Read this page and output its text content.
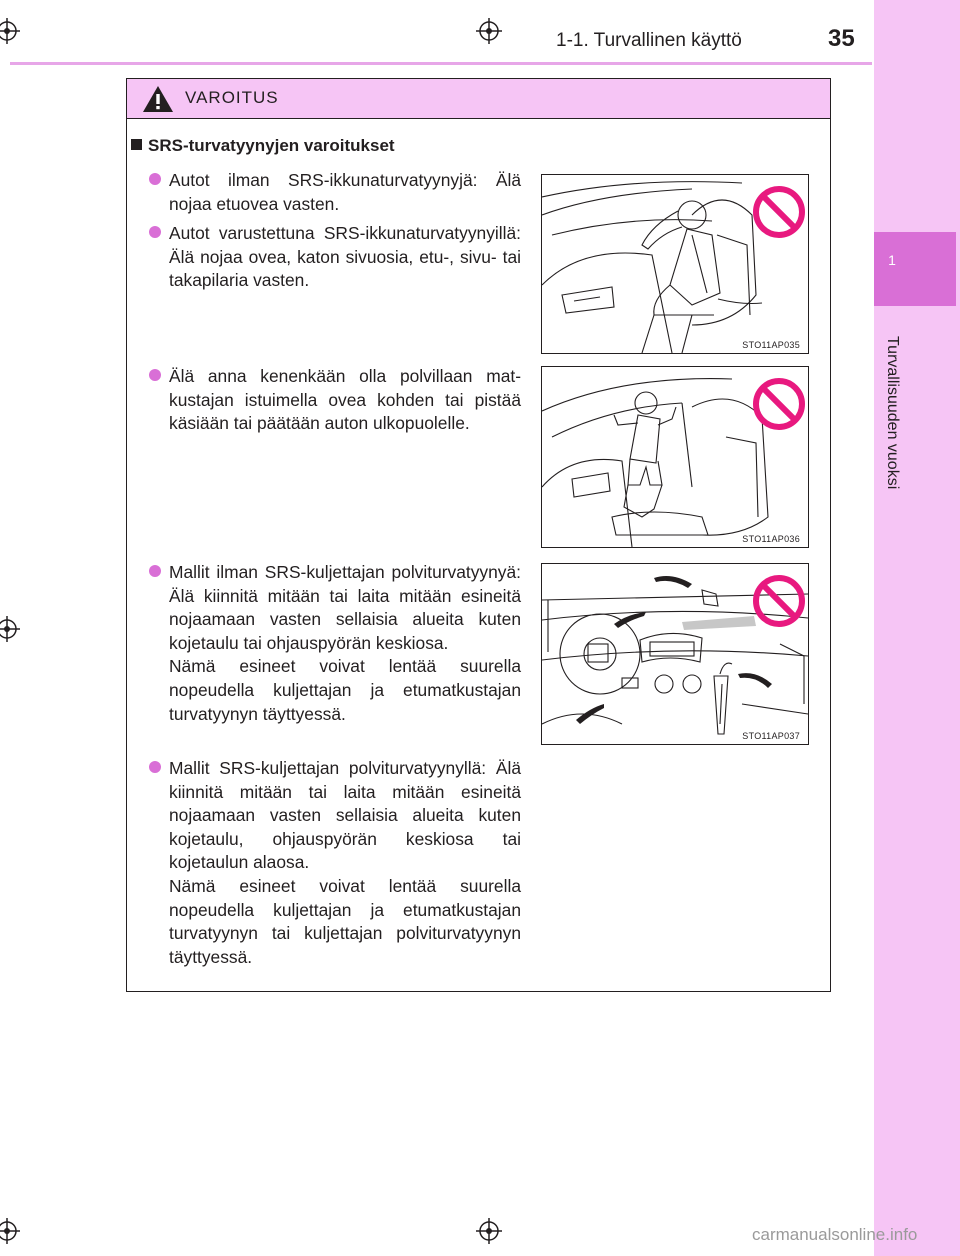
1
Turvallisuuden vuoksi
1-1. Turvallinen käyttö	35
VAROITUS
SRS-turvatyynyjen varoitukset

Autot ilman SRS-ikkunaturvatyynyjä: Älä nojaa etuovea vasten.

Autot varustettuna SRS-ikkunaturvatyynyillä: Älä nojaa ovea, katon sivuosia, etu-, sivu- tai takapilaria vasten.

Älä anna kenenkään olla polvillaan matkustajan istuimella ovea kohden tai pistää käsiään tai päätään auton ulkopuolelle.

Mallit ilman SRS-kuljettajan polviturvatyynyä: Älä kiinnitä mitään tai laita mitään esineitä nojaamaan vasten sellaisia alueita kuten kojetaulu tai ohjauspyörän keskiosa.

Nämä esineet voivat lentää suurella nopeudella kuljettajan ja etumatkustajan turvatyynyn täyttyessä.

Mallit SRS-kuljettajan polviturvatyynyllä: Älä kiinnitä mitään tai laita mitään esineitä nojaamaan vasten sellaisia alueita kuten kojetaulu, ohjauspyörän keskiosa tai kojetaulun alaosa.

Nämä esineet voivat lentää suurella nopeudella kuljettajan ja etumatkustajan turvatyynyn tai kuljettajan polviturvatyynyn täyttyessä.

STO11AP035
STO11AP036
STO11AP037
carmanualsonline.info
